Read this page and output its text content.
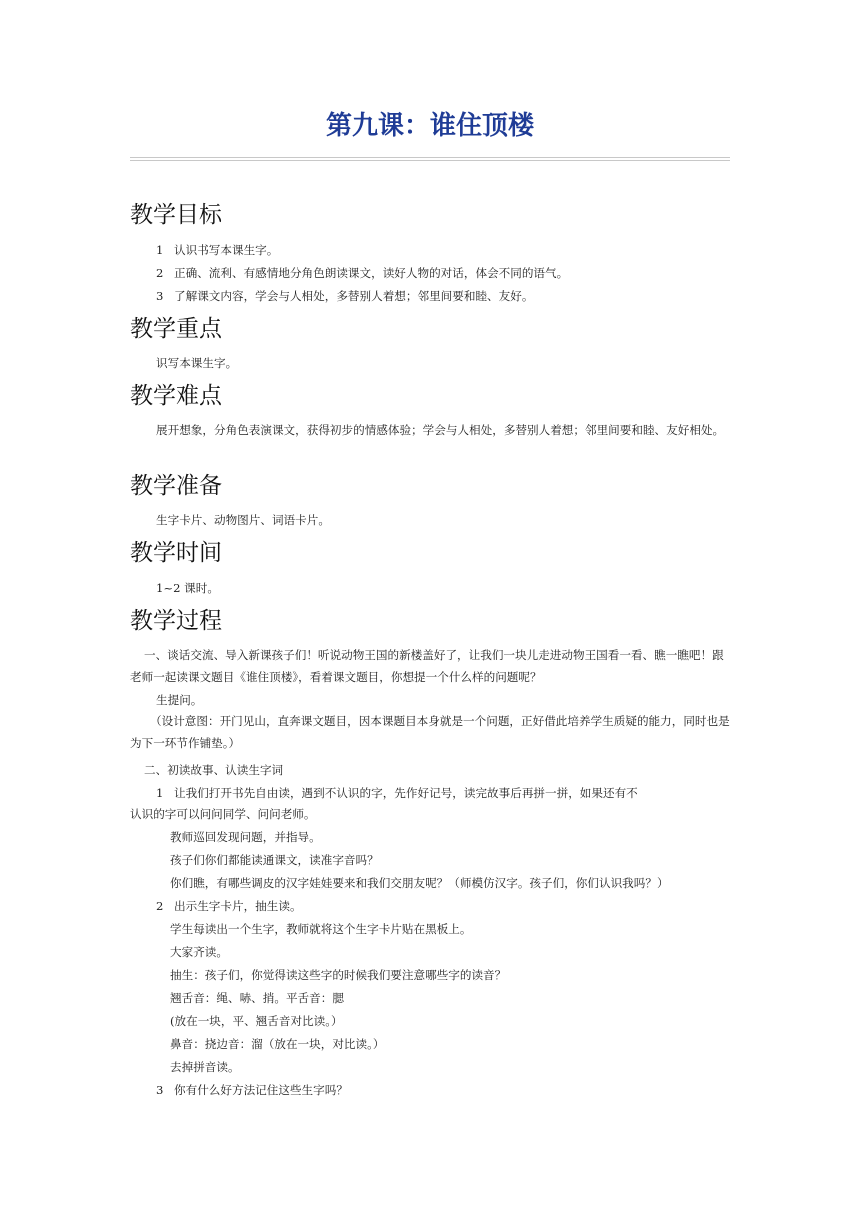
第九课：谁住顶楼
教学目标
1 认识书写本课生字。
2 正确、流利、有感情地分角色朗读课文，读好人物的对话，体会不同的语气。
3 了解课文内容，学会与人相处，多替别人着想；邻里间要和睦、友好。
教学重点
识写本课生字。
教学难点
展开想象，分角色表演课文，获得初步的情感体验；学会与人相处，多替别人着想；邻里间要和睦、友好相处。
教学准备
生字卡片、动物图片、词语卡片。
教学时间
1~2 课时。
教学过程
一、谈话交流、导入新课孩子们！听说动物王国的新楼盖好了，让我们一块儿走进动物王国看一看、瞧一瞧吧！跟老师一起读课文题目《谁住顶楼》，看着课文题目，你想提一个什么样的问题呢？
生提问。
（设计意图：开门见山，直奔课文题目，因本课题目本身就是一个问题，正好借此培养学生质疑的能力，同时也是为下一环节作铺垫。）
二、初读故事、认读生字词
1 让我们打开书先自由读，遇到不认识的字，先作好记号，读完故事后再拼一拼，如果还有不
认识的字可以问问同学、问问老师。
教师巡回发现问题，并指导。
孩子们你们都能读通课文，读准字音吗？
你们瞧，有哪些调皮的汉字娃娃要来和我们交朋友呢？（师模仿汉字。孩子们，你们认识我吗？）
2 出示生字卡片，抽生读。
学生每读出一个生字，教师就将这个生字卡片贴在黑板上。
大家齐读。
抽生：孩子们，你觉得读这些字的时候我们要注意哪些字的读音？
翘舌音：绳、哧、捎。平舌音：腮
(放在一块，平、翘舌音对比读。）
鼻音：挠边音：溜（放在一块，对比读。）
去掉拼音读。
3 你有什么好方法记住这些生字吗？
